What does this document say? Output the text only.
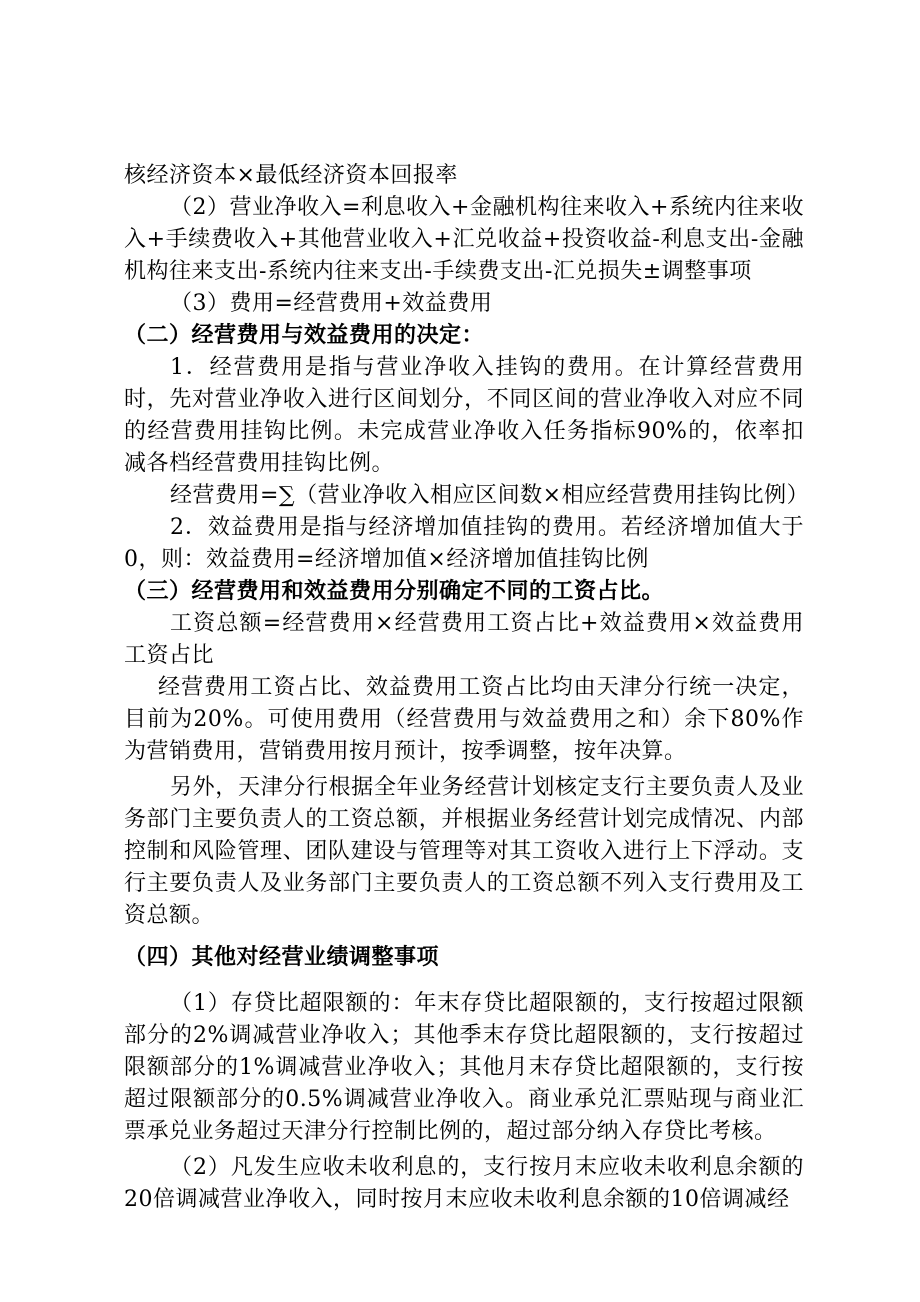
核经济资本×最低经济资本回报率

（2）营业净收入=利息收入+金融机构往来收入+系统内往来收入+手续费收入+其他营业收入+汇兑收益+投资收益-利息支出-金融机构往来支出-系统内往来支出-手续费支出-汇兑损失±调整事项

（3）费用=经营费用+效益费用

（二）经营费用与效益费用的决定：

1．经营费用是指与营业净收入挂钩的费用。在计算经营费用时，先对营业净收入进行区间划分，不同区间的营业净收入对应不同的经营费用挂钩比例。未完成营业净收入任务指标90%的，依率扣减各档经营费用挂钩比例。

经营费用=∑（营业净收入相应区间数×相应经营费用挂钩比例）

2．效益费用是指与经济增加值挂钩的费用。若经济增加值大于0，则：效益费用=经济增加值×经济增加值挂钩比例

（三）经营费用和效益费用分别确定不同的工资占比。

工资总额=经营费用×经营费用工资占比+效益费用×效益费用工资占比

经营费用工资占比、效益费用工资占比均由天津分行统一决定，目前为20%。可使用费用（经营费用与效益费用之和）余下80%作为营销费用，营销费用按月预计，按季调整，按年决算。

另外，天津分行根据全年业务经营计划核定支行主要负责人及业务部门主要负责人的工资总额，并根据业务经营计划完成情况、内部控制和风险管理、团队建设与管理等对其工资收入进行上下浮动。支行主要负责人及业务部门主要负责人的工资总额不列入支行费用及工资总额。

（四）其他对经营业绩调整事项

（1）存贷比超限额的：年末存贷比超限额的，支行按超过限额部分的2%调减营业净收入；其他季末存贷比超限额的，支行按超过限额部分的1%调减营业净收入；其他月末存贷比超限额的，支行按超过限额部分的0.5%调减营业净收入。商业承兑汇票贴现与商业汇票承兑业务超过天津分行控制比例的，超过部分纳入存贷比考核。

（2）凡发生应收未收利息的，支行按月末应收未收利息余额的20倍调减营业净收入，同时按月末应收未收利息余额的10倍调减经
